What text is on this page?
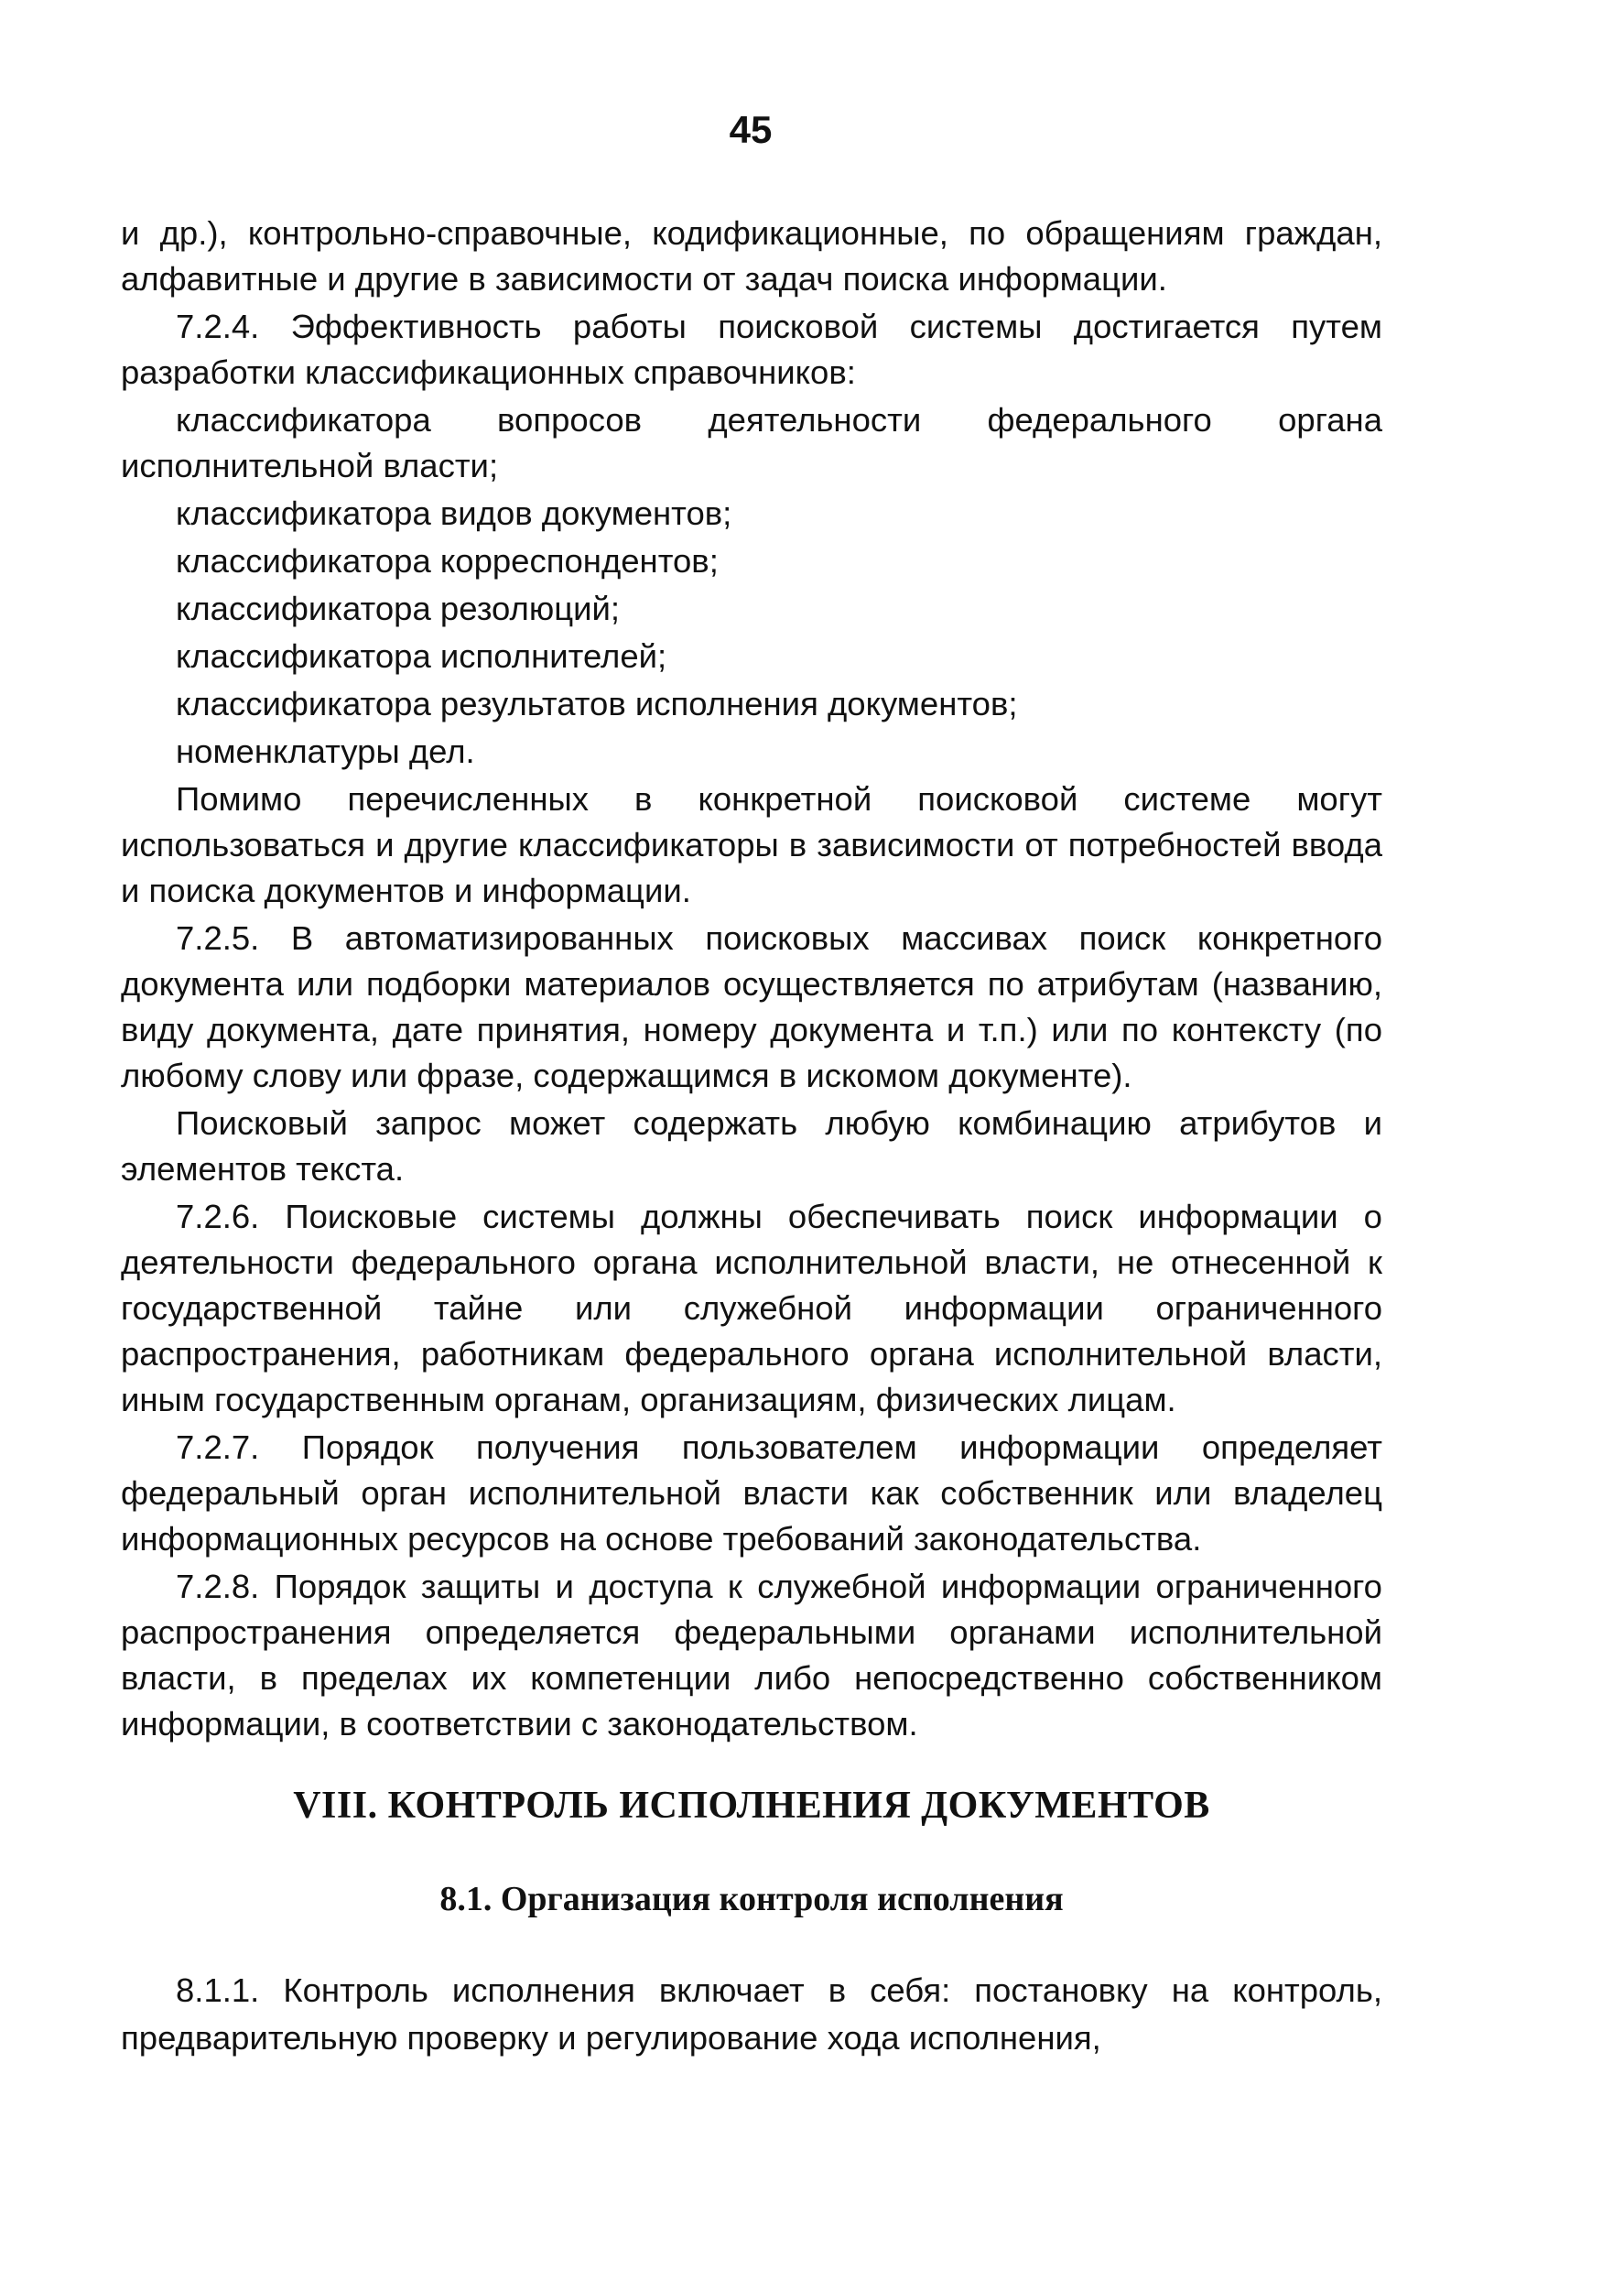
45

и др.), контрольно-справочные, кодификационные, по обращениям граждан, алфавитные и другие в зависимости от задач поиска информации.

7.2.4. Эффективность работы поисковой системы достигается путем разработки классификационных справочников:

классификатора вопросов деятельности федерального органа исполнительной власти;

классификатора видов документов;

классификатора корреспондентов;

классификатора резолюций;

классификатора исполнителей;

классификатора результатов исполнения документов;

номенклатуры дел.

Помимо перечисленных в конкретной поисковой системе могут использоваться и другие классификаторы в зависимости от потребностей ввода и поиска документов и информации.

7.2.5. В автоматизированных поисковых массивах поиск конкретного документа или подборки материалов осуществляется по атрибутам (названию, виду документа, дате принятия, номеру документа и т.п.) или по контексту (по любому слову или фразе, содержащимся в искомом документе).

Поисковый запрос может содержать любую комбинацию атрибутов и элементов текста.

7.2.6. Поисковые системы должны обеспечивать поиск информации о деятельности федерального органа исполнительной власти, не отнесенной к государственной тайне или служебной информации ограниченного распространения, работникам федерального органа исполнительной власти, иным государственным органам, организациям, физических лицам.

7.2.7. Порядок получения пользователем информации определяет федеральный орган исполнительной власти как собственник или владелец информационных ресурсов на основе требований законодательства.

7.2.8. Порядок защиты и доступа к служебной информации ограниченного распространения определяется федеральными органами исполнительной власти, в пределах их компетенции либо непосредственно собственником информации, в соответствии с законодательством.

VIII. КОНТРОЛЬ ИСПОЛНЕНИЯ ДОКУМЕНТОВ
8.1. Организация контроля исполнения

8.1.1. Контроль исполнения включает в себя: постановку на контроль, предварительную проверку и регулирование хода исполнения,
